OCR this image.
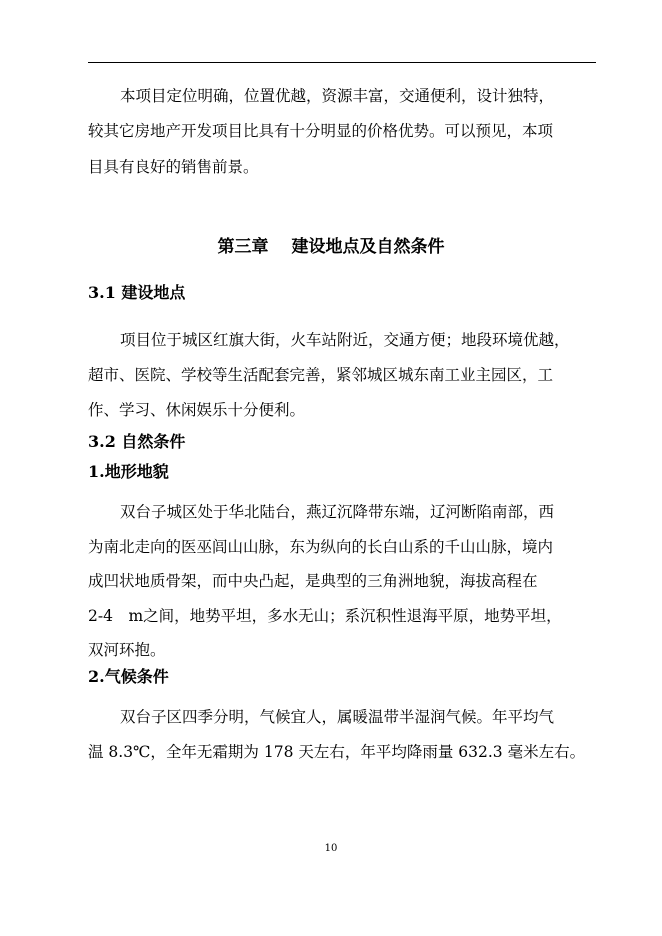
本项目定位明确，位置优越，资源丰富，交通便利，设计独特，

较其它房地产开发项目比具有十分明显的价格优势。可以预见，本项

目具有良好的销售前景。

第三章　 建设地点及自然条件
3.1 建设地点

项目位于城区红旗大街，火车站附近，交通方便；地段环境优越，

超市、医院、学校等生活配套完善，紧邻城区城东南工业主园区，工

作、学习、休闲娱乐十分便利。

3.2 自然条件
1.地形地貌

双台子城区处于华北陆台，燕辽沉降带东端，辽河断陷南部，西

为南北走向的医巫闾山山脉，东为纵向的长白山系的千山山脉，境内

成凹状地质骨架，而中央凸起，是典型的三角洲地貌，海拔高程在

2-4　m之间，地势平坦，多水无山；系沉积性退海平原，地势平坦，

双河环抱。

2.气候条件

双台子区四季分明，气候宜人，属暖温带半湿润气候。年平均气

温 8.3℃，全年无霜期为 178 天左右，年平均降雨量 632.3 毫米左右。

10
